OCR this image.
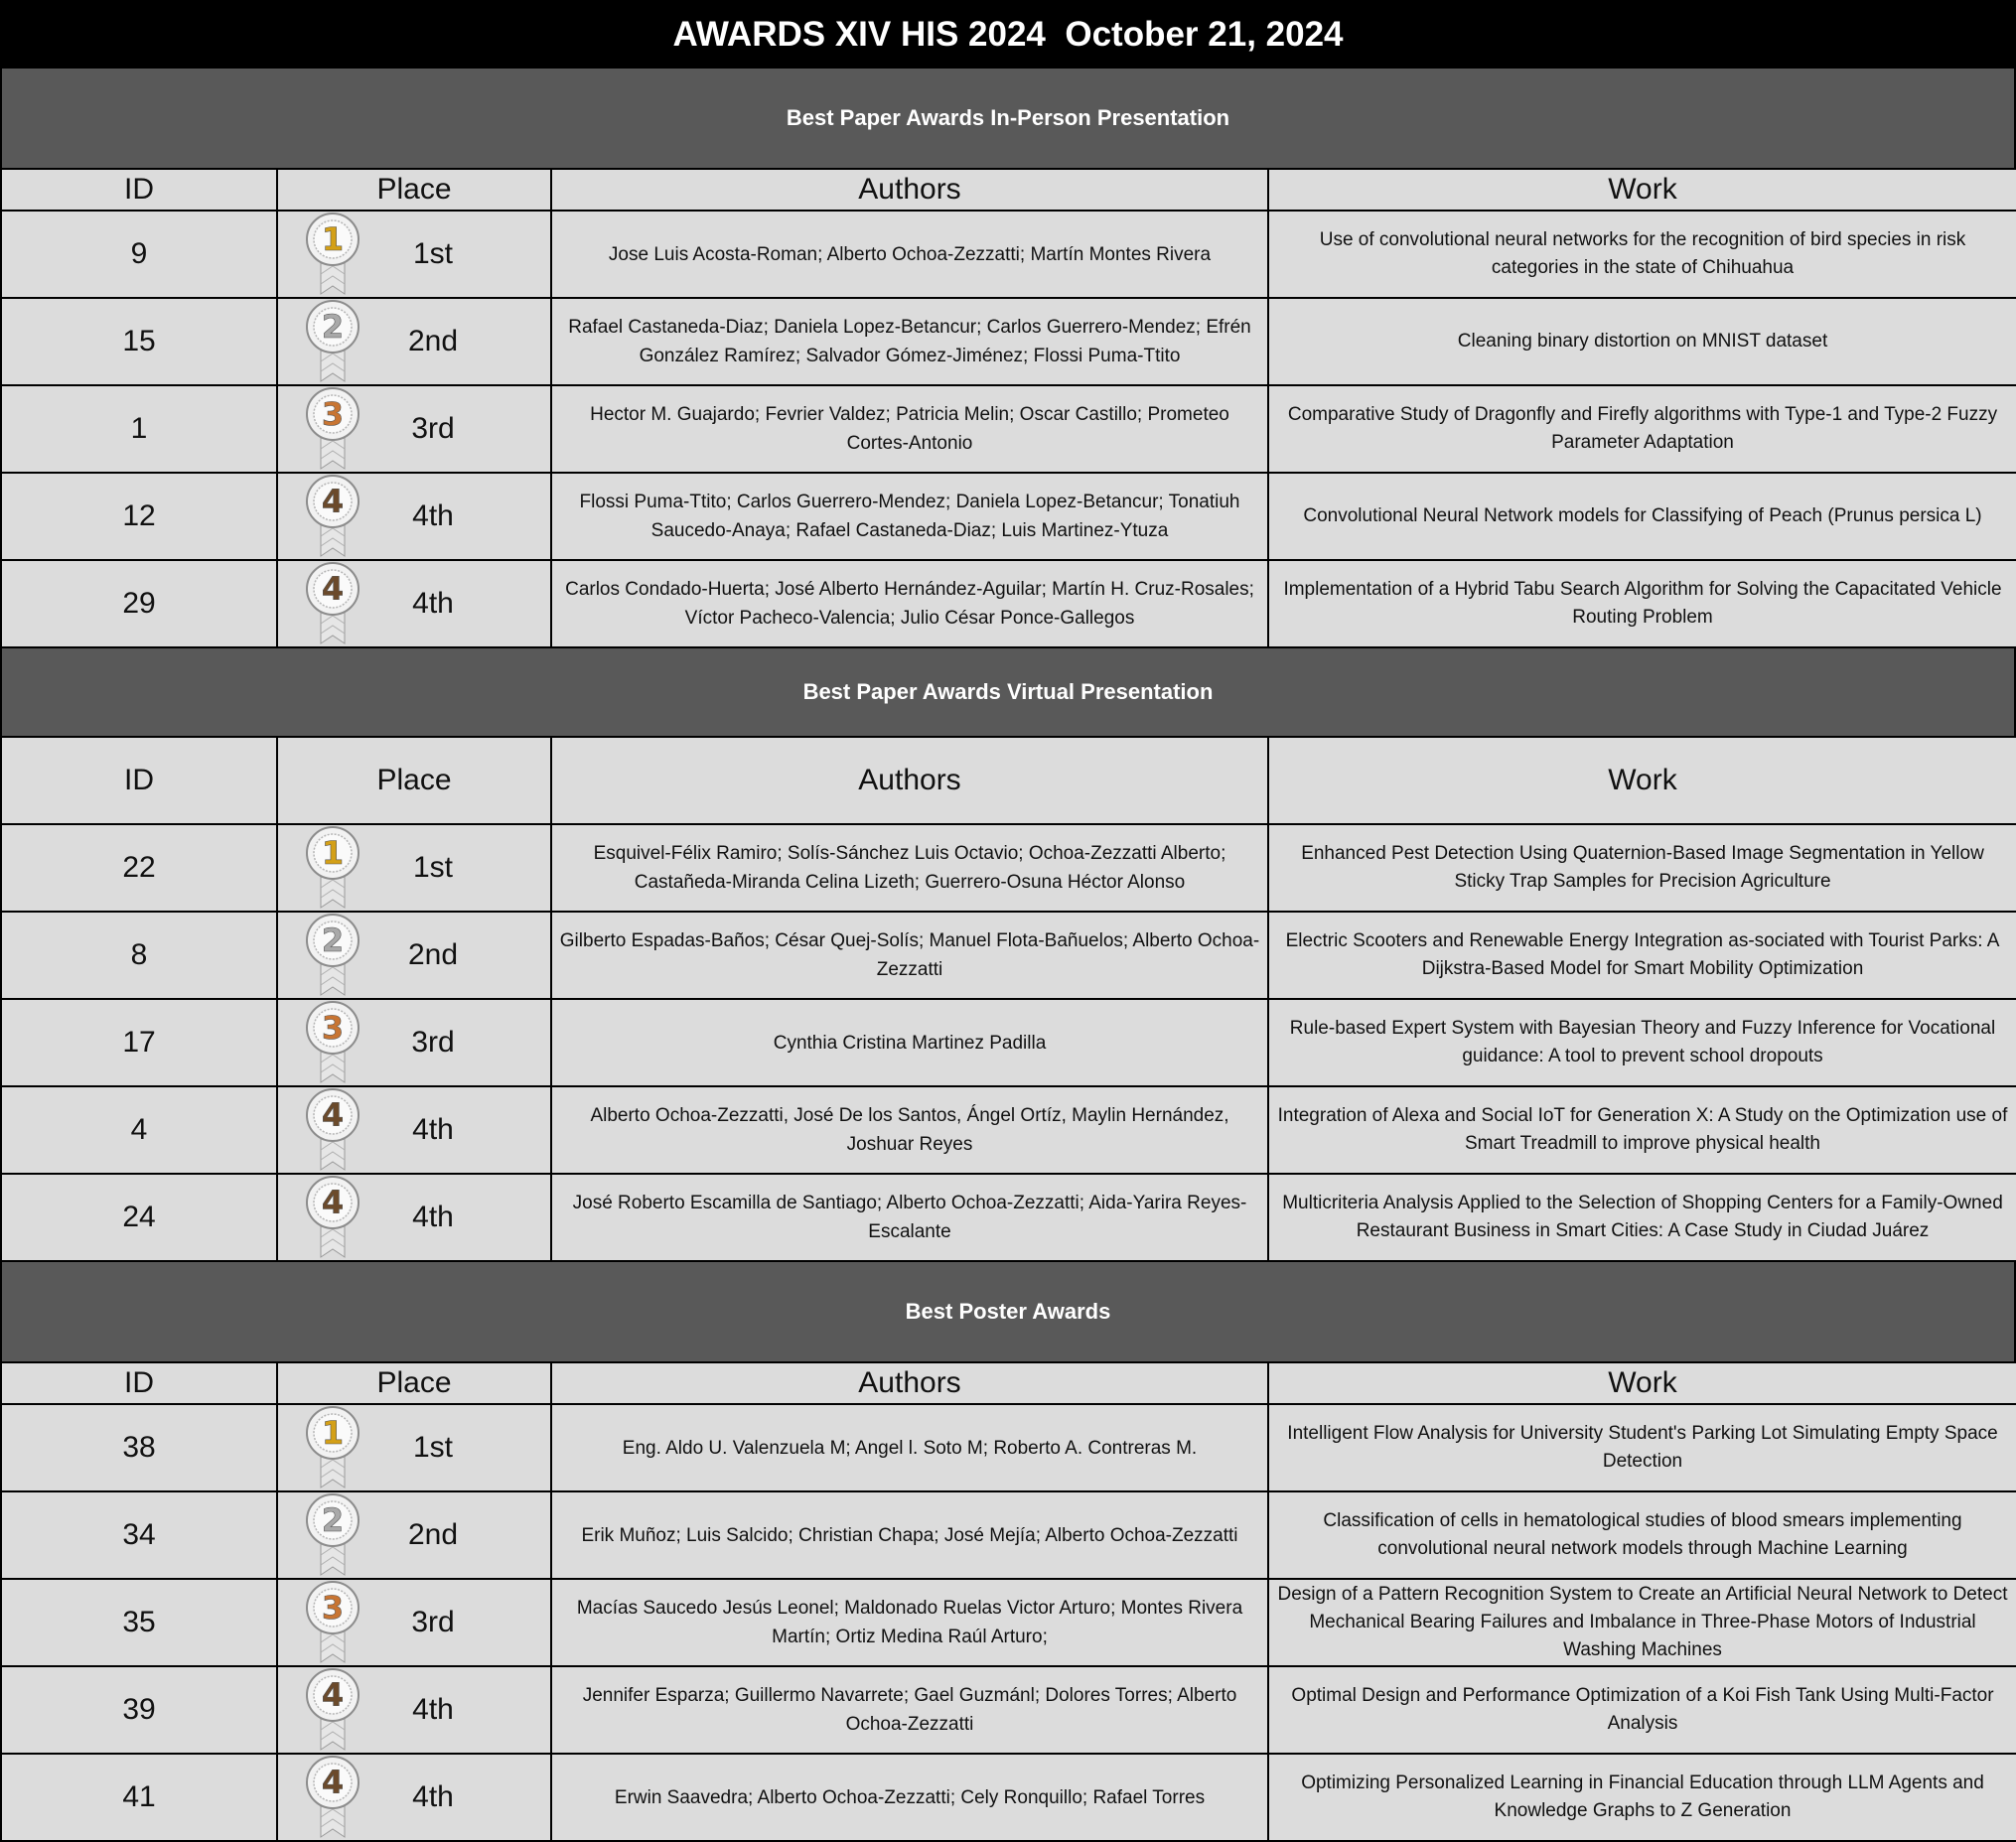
AWARDS XIV HIS 2024  October 21, 2024
Best Paper Awards In-Person Presentation
ID	Place	Authors	Work
9	1 1st	Jose Luis Acosta-Roman; Alberto Ochoa-Zezzatti; Martín Montes Rivera	Use of convolutional neural networks for the recognition of bird species in risk categories in the state of Chihuahua
15	2 2nd	Rafael Castaneda-Diaz; Daniela Lopez-Betancur; Carlos Guerrero-Mendez; Efrén González Ramírez; Salvador Gómez-Jiménez; Flossi Puma-Ttito	Cleaning binary distortion on MNIST dataset
1	3 3rd	Hector M. Guajardo; Fevrier Valdez; Patricia Melin; Oscar Castillo; Prometeo Cortes-Antonio	Comparative Study of Dragonfly and Firefly algorithms with Type-1 and Type-2 Fuzzy Parameter Adaptation
12	4 4th	Flossi Puma-Ttito; Carlos Guerrero-Mendez; Daniela Lopez-Betancur; Tonatiuh Saucedo-Anaya; Rafael Castaneda-Diaz; Luis Martinez-Ytuza	Convolutional Neural Network models for Classifying of Peach (Prunus persica L)
29	4 4th	Carlos Condado-Huerta; José Alberto Hernández-Aguilar; Martín H. Cruz-Rosales; Víctor Pacheco-Valencia; Julio César Ponce-Gallegos	Implementation of a Hybrid Tabu Search Algorithm for Solving the Capacitated Vehicle Routing Problem
Best Paper Awards Virtual Presentation
ID	Place	Authors	Work
22	1 1st	Esquivel-Félix Ramiro; Solís-Sánchez Luis Octavio; Ochoa-Zezzatti Alberto; Castañeda-Miranda Celina Lizeth; Guerrero-Osuna Héctor Alonso	Enhanced Pest Detection Using Quaternion-Based Image Segmentation in Yellow Sticky Trap Samples for Precision Agriculture
8	2 2nd	Gilberto Espadas-Baños; César Quej-Solís; Manuel Flota-Bañuelos; Alberto Ochoa-Zezzatti	Electric Scooters and Renewable Energy Integration as-sociated with Tourist Parks: A Dijkstra-Based Model for Smart Mobility Optimization
17	3 3rd	Cynthia Cristina Martinez Padilla	Rule-based Expert System with Bayesian Theory and Fuzzy Inference for Vocational guidance: A tool to prevent school dropouts
4	4 4th	Alberto Ochoa-Zezzatti, José De los Santos, Ángel Ortíz, Maylin Hernández, Joshuar Reyes	Integration of Alexa and Social IoT for Generation X: A Study on the Optimization use of Smart Treadmill to improve physical health
24	4 4th	José Roberto Escamilla de Santiago; Alberto Ochoa-Zezzatti; Aida-Yarira Reyes-Escalante	Multicriteria Analysis Applied to the Selection of Shopping Centers for a Family-Owned Restaurant Business in Smart Cities: A Case Study in Ciudad Juárez
Best Poster Awards
ID	Place	Authors	Work
38	1 1st	Eng. Aldo U. Valenzuela M; Angel l. Soto M; Roberto A. Contreras M.	Intelligent Flow Analysis for University Student's Parking Lot Simulating Empty Space Detection
34	2 2nd	Erik Muñoz; Luis Salcido; Christian Chapa; José Mejía; Alberto Ochoa-Zezzatti	Classification of cells in hematological studies of blood smears implementing convolutional neural network models through Machine Learning
35	3 3rd	Macías Saucedo Jesús Leonel; Maldonado Ruelas Victor Arturo; Montes Rivera Martín; Ortiz Medina Raúl Arturo;	Design of a Pattern Recognition System to Create an Artificial Neural Network to Detect Mechanical Bearing Failures and Imbalance in Three-Phase Motors of Industrial Washing Machines
39	4 4th	Jennifer Esparza; Guillermo Navarrete; Gael Guzmánl; Dolores Torres; Alberto Ochoa-Zezzatti	Optimal Design and Performance Optimization of a Koi Fish Tank Using Multi-Factor Analysis
41	4 4th	Erwin Saavedra; Alberto Ochoa-Zezzatti; Cely Ronquillo; Rafael Torres	Optimizing Personalized Learning in Financial Education through LLM Agents and Knowledge Graphs to Z Generation
